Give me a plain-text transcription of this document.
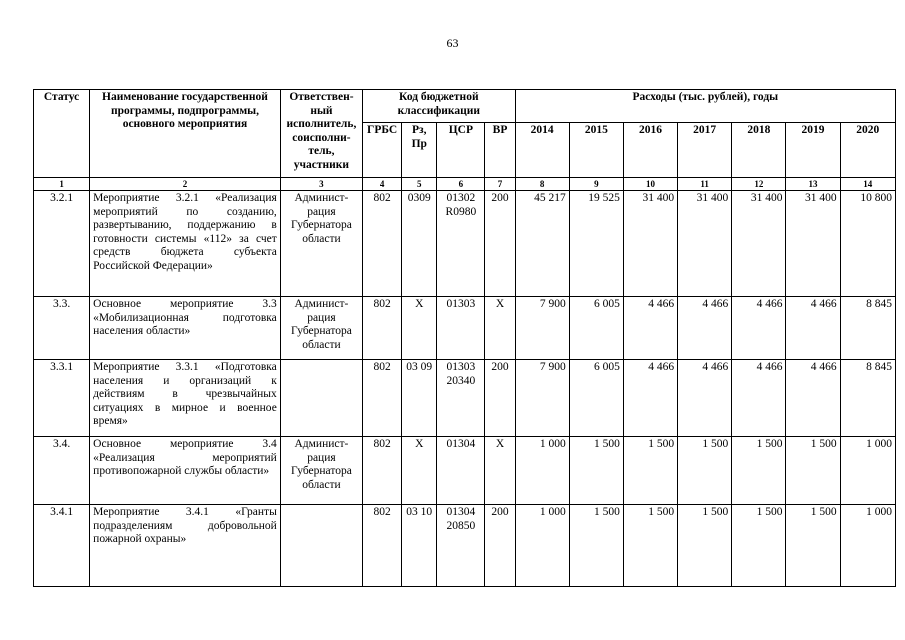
63
Статус	Наименование государственной программы, подпрограммы, основного мероприятия	Ответствен-ный исполнитель, соисполни-тель, участники	Код бюджетной классификации				Расходы (тыс. рублей), годы						
			ГРБС	Рз, Пр	ЦСР	ВР	2014	2015	2016	2017	2018	2019	2020
1	2	3	4	5	6	7	8	9	10	11	12	13	14
3.2.1	Мероприятие 3.2.1 «Реализация мероприятий по созданию, развертыванию, поддержанию в готовности системы «112» за счет средств бюджета субъекта Российской Федерации»	Админист-рация Губернатора области	802	0309	01302 R0980	200	45 217	19 525	31 400	31 400	31 400	31 400	10 800
3.3.	Основное мероприятие 3.3 «Мобилизационная подготовка населения области»	Админист-рация Губернатора области	802	Х	01303	Х	7 900	6 005	4 466	4 466	4 466	4 466	8 845
3.3.1	Мероприятие 3.3.1 «Подготовка населения и организаций к действиям в чрезвычайных ситуациях в мирное и военное время»		802	03 09	01303 20340	200	7 900	6 005	4 466	4 466	4 466	4 466	8 845
3.4.	Основное мероприятие 3.4 «Реализация мероприятий противопожарной службы области»	Админист-рация Губернатора области	802	Х	01304	Х	1 000	1 500	1 500	1 500	1 500	1 500	1 000
3.4.1	Мероприятие 3.4.1 «Гранты подразделениям добровольной пожарной охраны»		802	03 10	01304 20850	200	1 000	1 500	1 500	1 500	1 500	1 500	1 000
